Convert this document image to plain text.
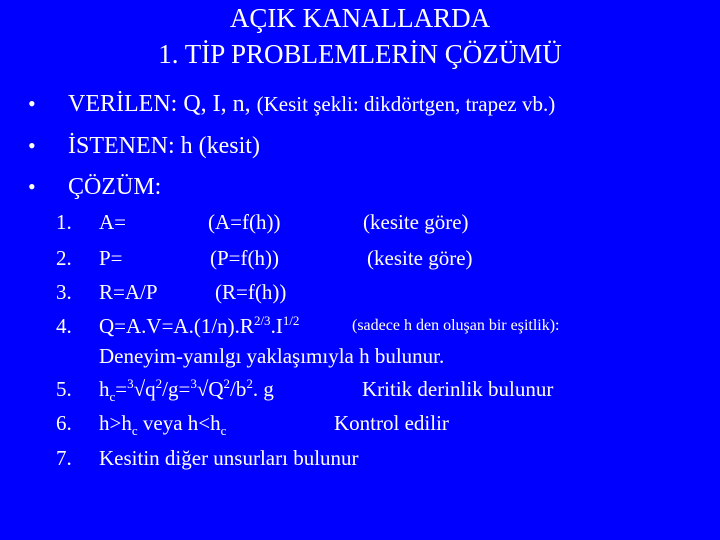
AÇIK KANALLARDA
1. TİP PROBLEMLERİN ÇÖZÜMÜ
• VERİLEN: Q, I, n, (Kesit şekli: dikdörtgen, trapez vb.)
• İSTENEN: h (kesit)
• ÇÖZÜM:
1. A=	(A=f(h))	(kesite göre)
2. P=	(P=f(h))	(kesite göre)
3. R=A/P	(R=f(h))
4. $Q=A.V=A.(1/n).R^{2/3}.I^{1/2}$	(sadece h den oluşan bir eşitlik):
Deneyim-yanılgı yaklaşımıyla h bulunur.
5. $h_c=^3√q^2/g=^3√Q^2/b^2$. g	Kritik derinlik bulunur
6. $h>h_c$ veya $h<h_c$	Kontrol edilir
7. Kesitin diğer unsurları bulunur
